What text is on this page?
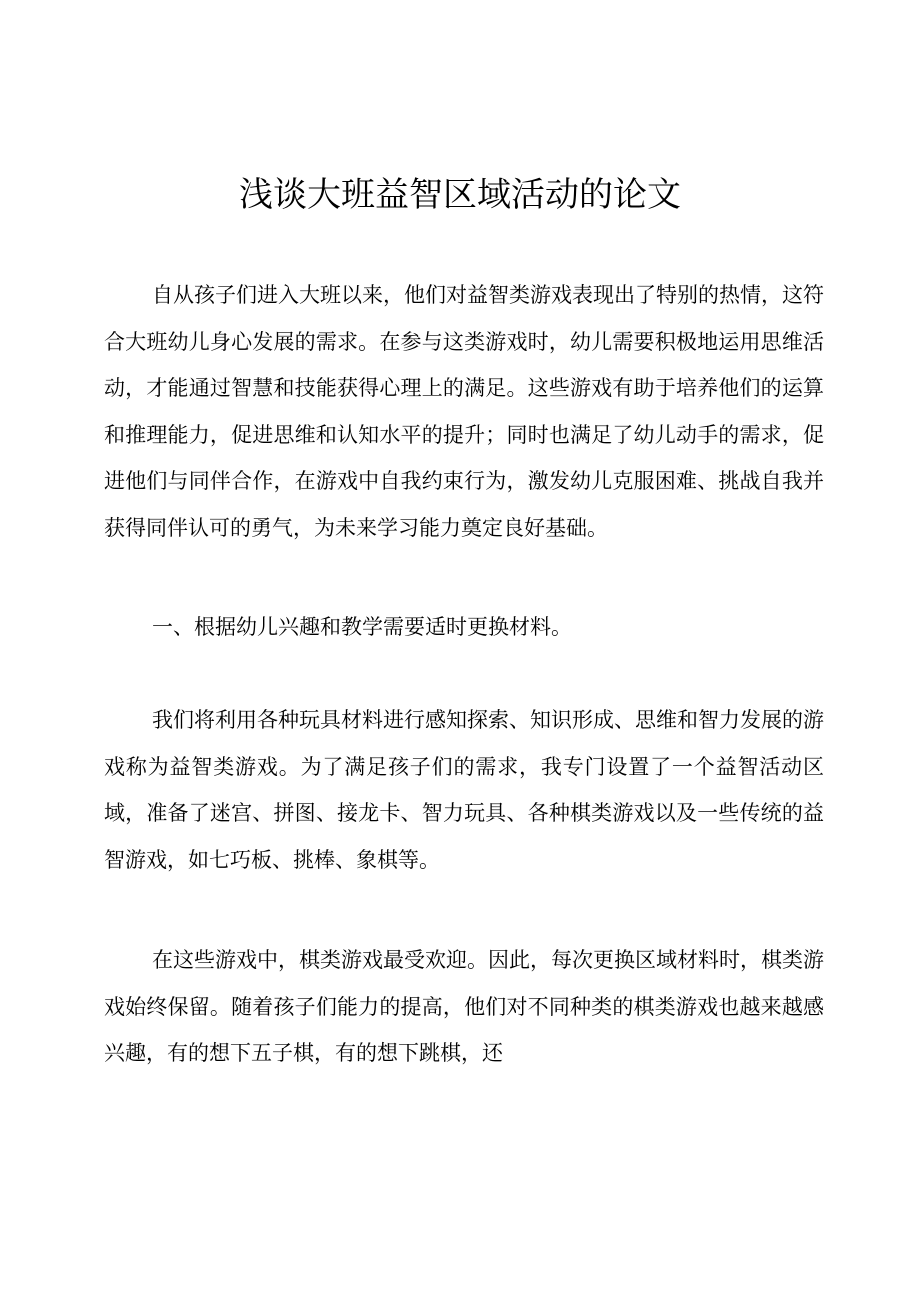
浅谈大班益智区域活动的论文

自从孩子们进入大班以来，他们对益智类游戏表现出了特别的热情，这符合大班幼儿身心发展的需求。在参与这类游戏时，幼儿需要积极地运用思维活动，才能通过智慧和技能获得心理上的满足。这些游戏有助于培养他们的运算和推理能力，促进思维和认知水平的提升；同时也满足了幼儿动手的需求，促进他们与同伴合作，在游戏中自我约束行为，激发幼儿克服困难、挑战自我并获得同伴认可的勇气，为未来学习能力奠定良好基础。

一、根据幼儿兴趣和教学需要适时更换材料。

我们将利用各种玩具材料进行感知探索、知识形成、思维和智力发展的游戏称为益智类游戏。为了满足孩子们的需求，我专门设置了一个益智活动区域，准备了迷宫、拼图、接龙卡、智力玩具、各种棋类游戏以及一些传统的益智游戏，如七巧板、挑棒、象棋等。

在这些游戏中，棋类游戏最受欢迎。因此，每次更换区域材料时，棋类游戏始终保留。随着孩子们能力的提高，他们对不同种类的棋类游戏也越来越感兴趣，有的想下五子棋，有的想下跳棋，还
